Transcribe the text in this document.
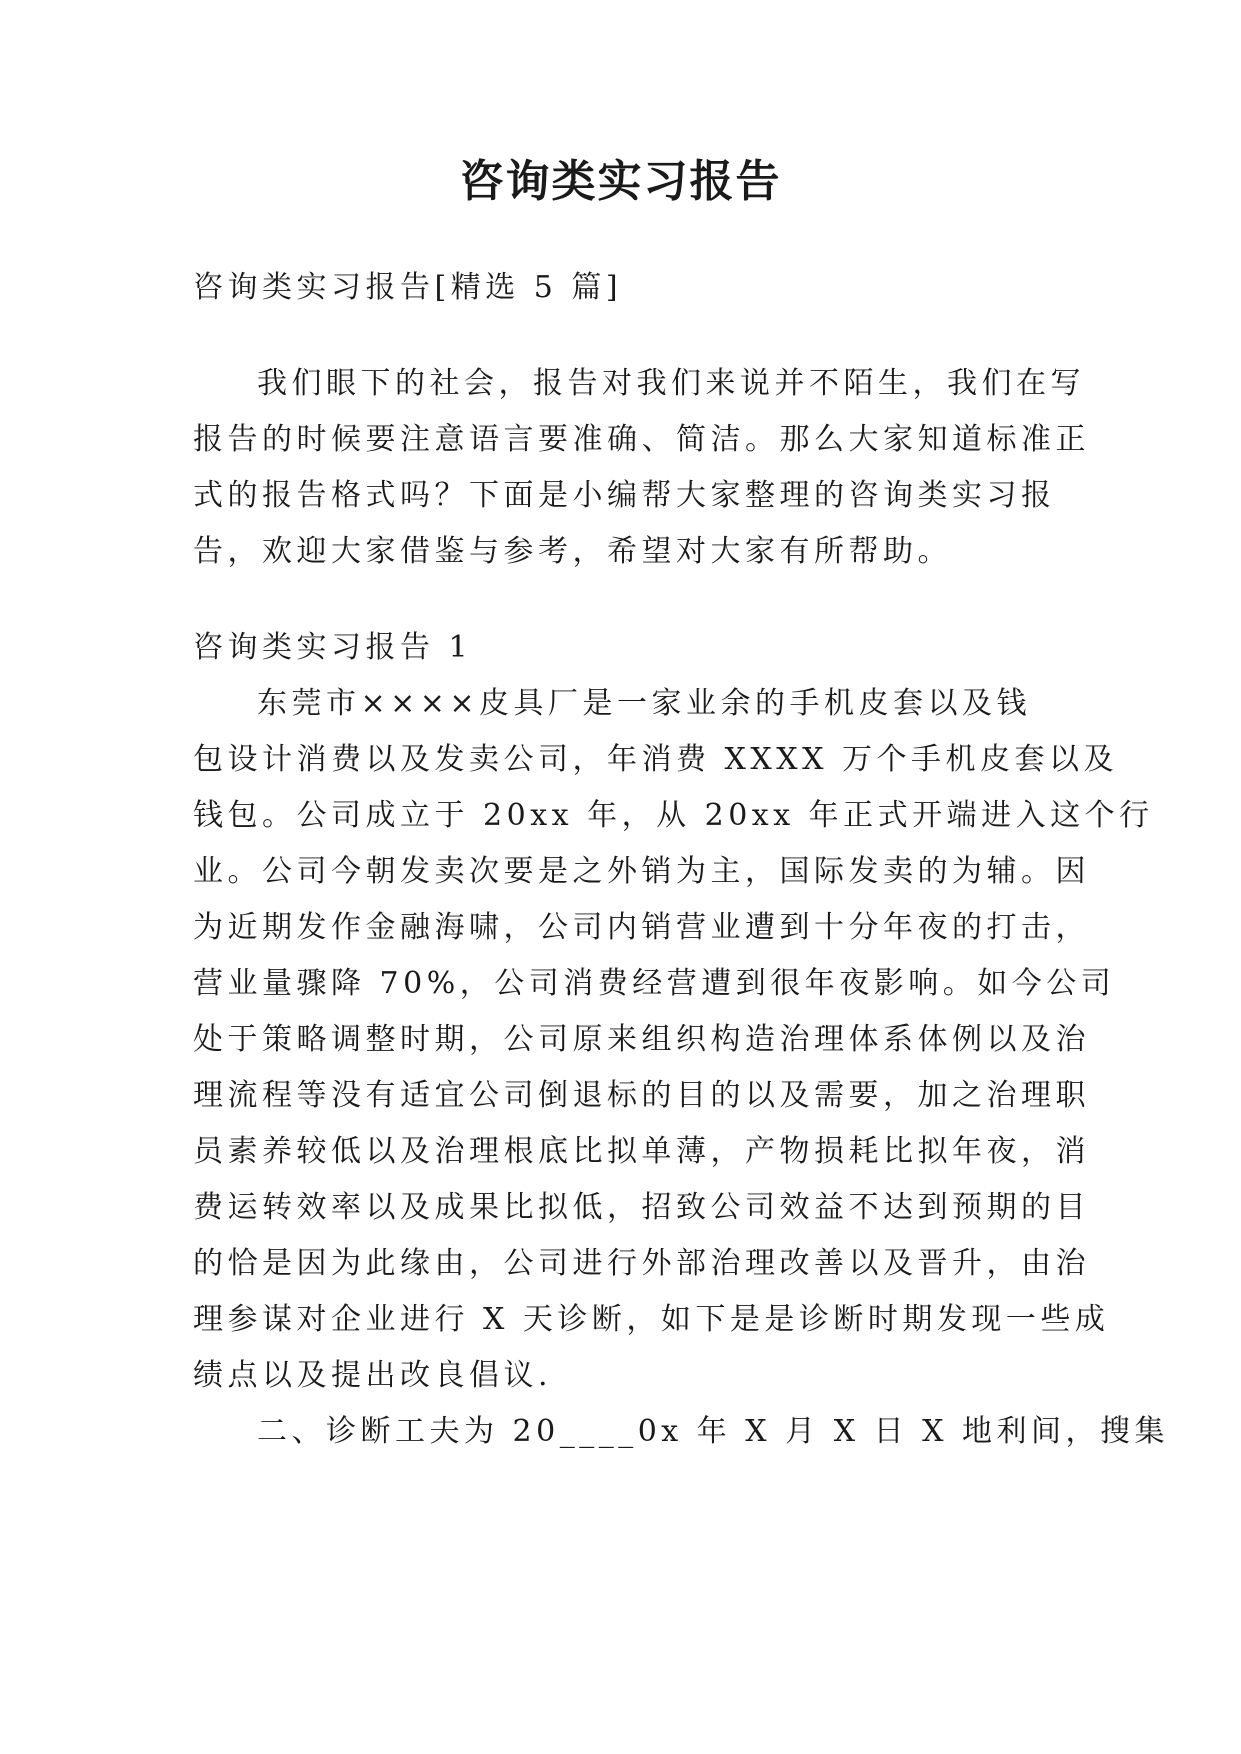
咨询类实习报告
咨询类实习报告[精选 5 篇]
我们眼下的社会，报告对我们来说并不陌生，我们在写
报告的时候要注意语言要准确、简洁。那么大家知道标准正
式的报告格式吗？下面是小编帮大家整理的咨询类实习报
告，欢迎大家借鉴与参考，希望对大家有所帮助。
咨询类实习报告 1
东莞市××××皮具厂是一家业余的手机皮套以及钱
包设计消费以及发卖公司，年消费 XXXX 万个手机皮套以及
钱包。公司成立于 20xx 年，从 20xx 年正式开端进入这个行
业。公司今朝发卖次要是之外销为主，国际发卖的为辅。因
为近期发作金融海啸，公司内销营业遭到十分年夜的打击，
营业量骤降 70%，公司消费经营遭到很年夜影响。如今公司
处于策略调整时期，公司原来组织构造治理体系体例以及治
理流程等没有适宜公司倒退标的目的以及需要，加之治理职
员素养较低以及治理根底比拟单薄，产物损耗比拟年夜，消
费运转效率以及成果比拟低，招致公司效益不达到预期的目
的恰是因为此缘由，公司进行外部治理改善以及晋升，由治
理参谋对企业进行 X 天诊断，如下是是诊断时期发现一些成
绩点以及提出改良倡议.
二、诊断工夫为 20____0x 年 X 月 X 日 X 地利间，搜集
